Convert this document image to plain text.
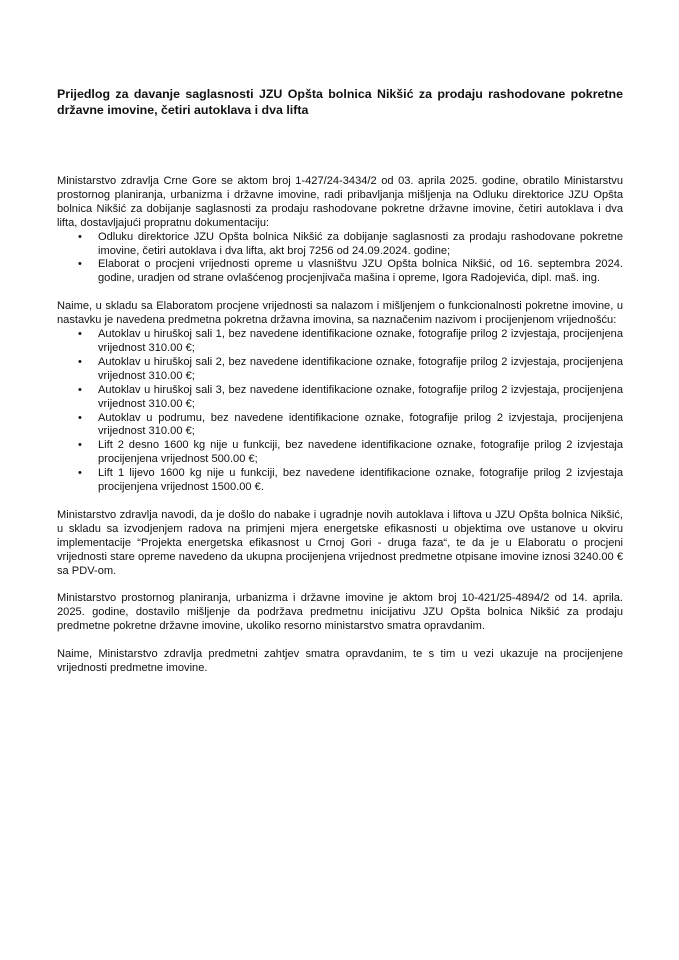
Prijedlog za davanje saglasnosti JZU Opšta bolnica Nikšić za prodaju rashodovane pokretne državne imovine, četiri autoklava i dva lifta

Ministarstvo zdravlja Crne Gore se aktom broj 1-427/24-3434/2 od 03. aprila 2025. godine, obratilo Ministarstvu prostornog planiranja, urbanizma i državne imovine, radi pribavljanja mišljenja na Odluku direktorice JZU Opšta bolnica Nikšić za dobijanje saglasnosti za prodaju rashodovane pokretne državne imovine, četiri autoklava i dva lifta, dostavljajući propratnu dokumentaciju:

• Odluku direktorice JZU Opšta bolnica Nikšić za dobijanje saglasnosti za prodaju rashodovane pokretne imovine, četiri autoklava i dva lifta, akt broj 7256 od 24.09.2024. godine;
• Elaborat o procjeni vrijednosti opreme u vlasništvu JZU Opšta bolnica Nikšić, od 16. septembra 2024. godine, uradjen od strane ovlašćenog procjenjivača mašina i opreme, Igora Radojevića, dipl. maš. ing.

Naime, u skladu sa Elaboratom procjene vrijednosti sa nalazom i mišljenjem o funkcionalnosti pokretne imovine, u nastavku je navedena predmetna pokretna državna imovina, sa naznačenim nazivom i procijenjenom vrijednošću:

• Autoklav u hiruškoj sali 1, bez navedene identifikacione oznake, fotografije prilog 2 izvjestaja, procijenjena vrijednost 310.00 €;
• Autoklav u hiruškoj sali 2, bez navedene identifikacione oznake, fotografije prilog 2 izvjestaja, procijenjena vrijednost 310.00 €;
• Autoklav u hiruškoj sali 3, bez navedene identifikacione oznake, fotografije prilog 2 izvjestaja, procijenjena vrijednost 310.00 €;
• Autoklav u podrumu, bez navedene identifikacione oznake, fotografije prilog 2 izvjestaja, procijenjena vrijednost 310.00 €;
• Lift 2 desno 1600 kg nije u funkciji, bez navedene identifikacione oznake, fotografije prilog 2 izvjestaja procijenjena vrijednost 500.00 €;
• Lift 1 lijevo 1600 kg nije u funkciji, bez navedene identifikacione oznake, fotografije prilog 2 izvjestaja procijenjena vrijednost 1500.00 €.

Ministarstvo zdravlja navodi, da je došlo do nabake i ugradnje novih autoklava i liftova u JZU Opšta bolnica Nikšić, u skladu sa izvodjenjem radova na primjeni mjera energetske efikasnosti u objektima ove ustanove u okviru implementacije “Projekta energetska efikasnost u Crnoj Gori - druga faza“, te da je u Elaboratu o procjeni vrijednosti stare opreme navedeno da ukupna procijenjena vrijednost predmetne otpisane imovine iznosi 3240.00 € sa PDV-om.

Ministarstvo prostornog planiranja, urbanizma i državne imovine je aktom broj 10-421/25-4894/2 od 14. aprila. 2025. godine, dostavilo mišljenje da podržava predmetnu inicijativu JZU Opšta bolnica Nikšić za prodaju predmetne pokretne državne imovine, ukoliko resorno ministarstvo smatra opravdanim.

Naime, Ministarstvo zdravlja predmetni zahtjev smatra opravdanim, te s tim u vezi ukazuje na procijenjene vrijednosti predmetne imovine.
